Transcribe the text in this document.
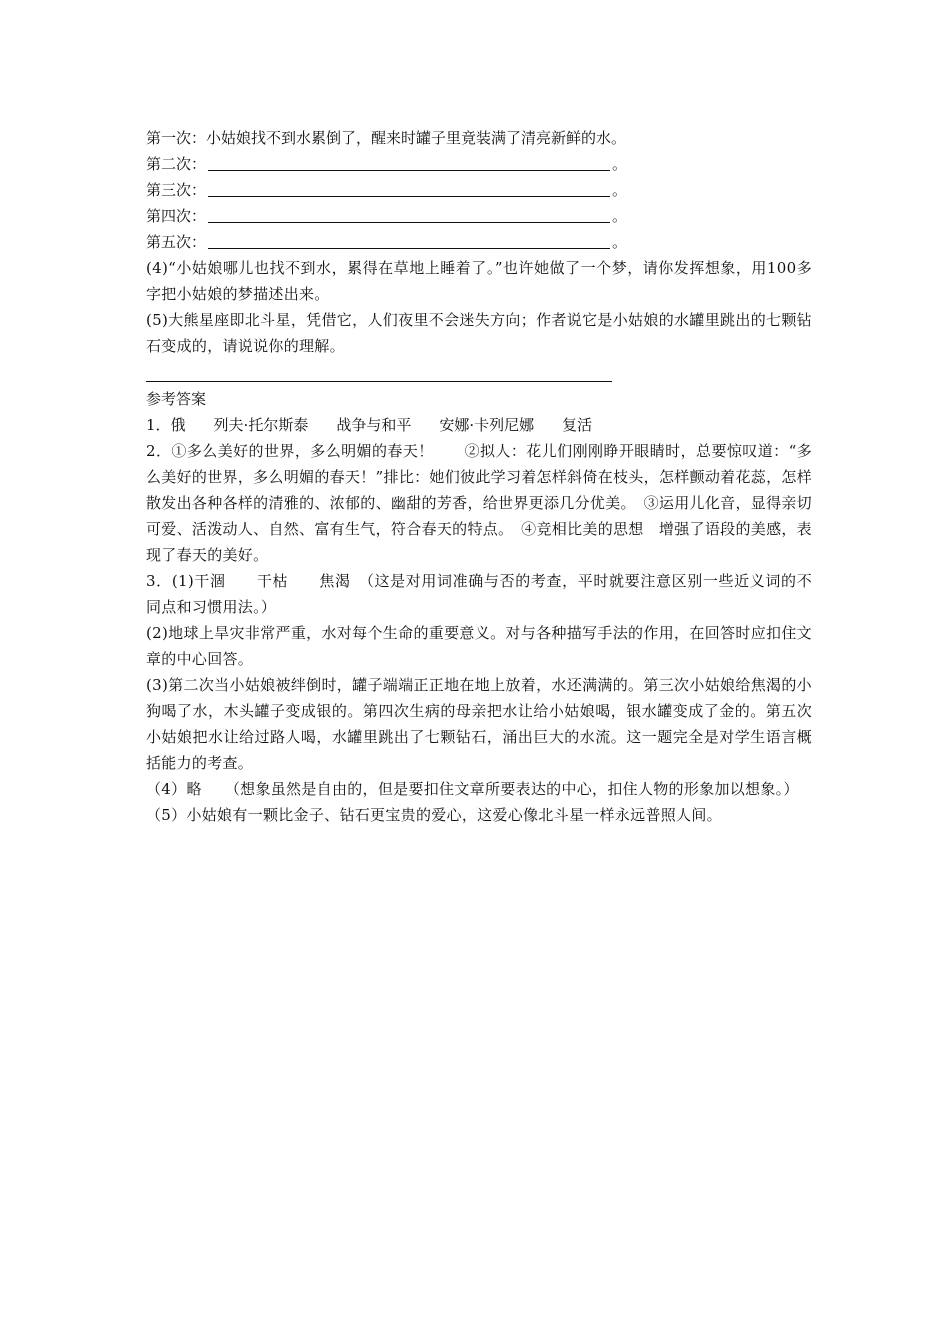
第一次：小姑娘找不到水累倒了，醒来时罐子里竟装满了清亮新鲜的水。
第二次：	。
第三次：	。
第四次：	。
第五次：	。

(4)“小姑娘哪儿也找不到水，累得在草地上睡着了。”也许她做了一个梦，请你发挥想象，用100多字把小姑娘的梦描述出来。

(5)大熊星座即北斗星，凭借它，人们夜里不会迷失方向；作者说它是小姑娘的水罐里跳出的七颗钻石变成的，请说说你的理解。

参考答案
1．俄 列夫·托尔斯泰 战争与和平 安娜·卡列尼娜 复活

2．①多么美好的世界，多么明媚的春天！　　②拟人：花儿们刚刚睁开眼睛时，总要惊叹道：“多么美好的世界，多么明媚的春天！”排比：她们彼此学习着怎样斜倚在枝头，怎样颤动着花蕊，怎样散发出各种各样的清雅的、浓郁的、幽甜的芳香，给世界更添几分优美。　③运用儿化音，显得亲切可爱、活泼动人、自然、富有生气，符合春天的特点。　④竞相比美的思想　增强了语段的美感，表现了春天的美好。

3．(1)干涸　　干枯　　焦渴　（这是对用词准确与否的考查，平时就要注意区别一些近义词的不同点和习惯用法。）

(2)地球上旱灾非常严重，水对每个生命的重要意义。对与各种描写手法的作用，在回答时应扣住文章的中心回答。

(3)第二次当小姑娘被绊倒时，罐子端端正正地在地上放着，水还满满的。第三次小姑娘给焦渴的小狗喝了水，木头罐子变成银的。第四次生病的母亲把水让给小姑娘喝，银水罐变成了金的。第五次小姑娘把水让给过路人喝，水罐里跳出了七颗钻石，涌出巨大的水流。这一题完全是对学生语言概括能力的考查。

（4）略　　（想象虽然是自由的，但是要扣住文章所要表达的中心，扣住人物的形象加以想象。）

（5）小姑娘有一颗比金子、钻石更宝贵的爱心，这爱心像北斗星一样永远普照人间。
